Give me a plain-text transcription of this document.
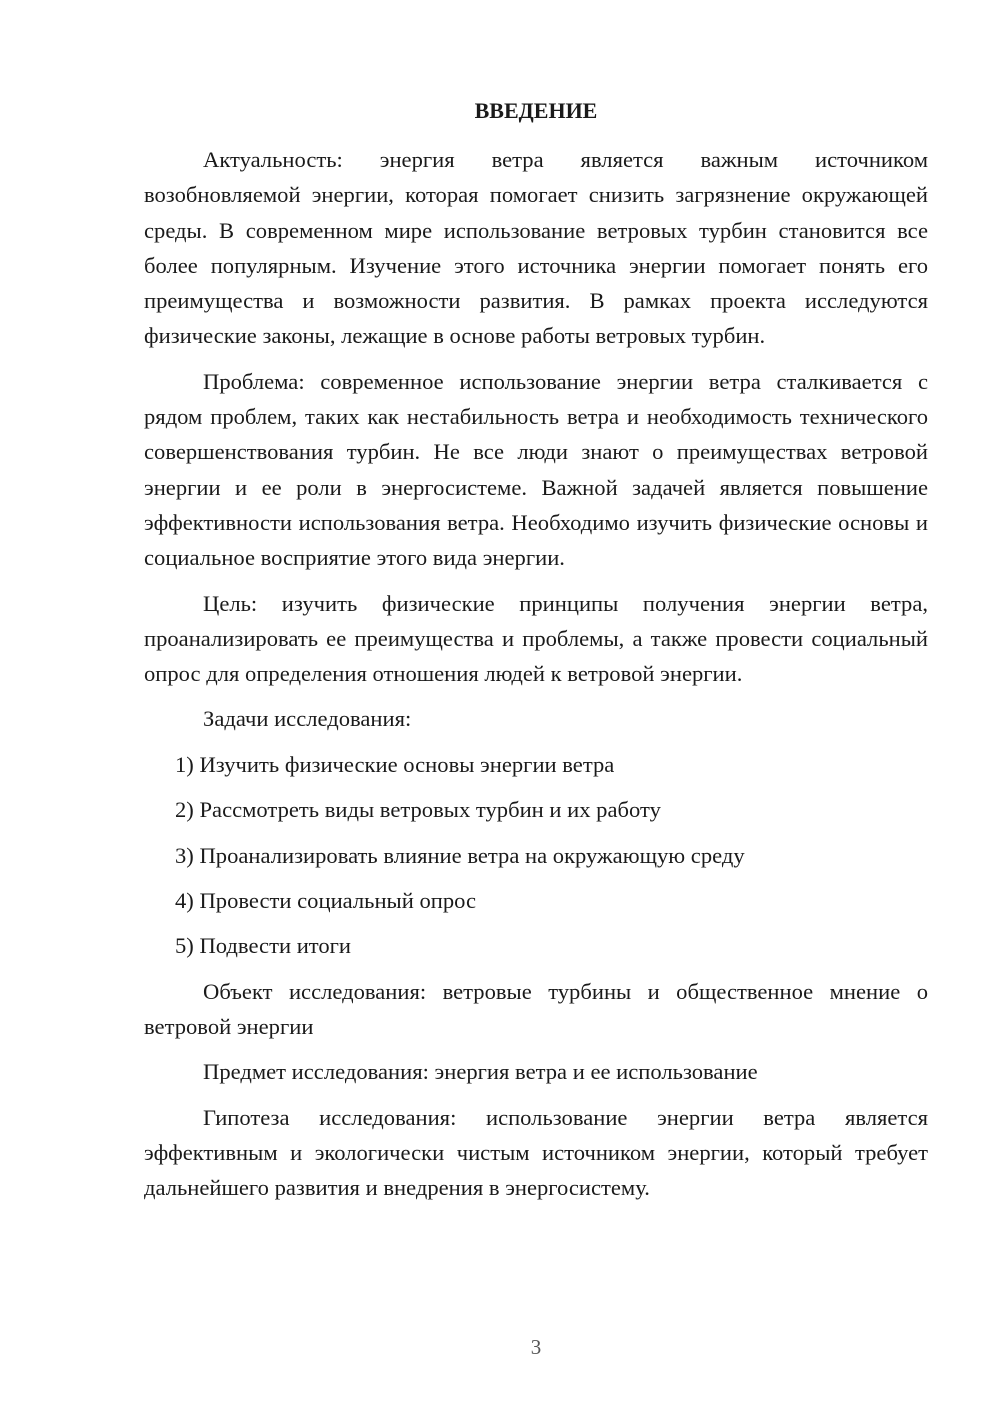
ВВЕДЕНИЕ

Актуальность: энергия ветра является важным источником возобновляемой энергии, которая помогает снизить загрязнение окружающей среды. В современном мире использование ветровых турбин становится все более популярным. Изучение этого источника энергии помогает понять его преимущества и возможности развития. В рамках проекта исследуются физические законы, лежащие в основе работы ветровых турбин.

Проблема: современное использование энергии ветра сталкивается с рядом проблем, таких как нестабильность ветра и необходимость технического совершенствования турбин. Не все люди знают о преимуществах ветровой энергии и ее роли в энергосистеме. Важной задачей является повышение эффективности использования ветра. Необходимо изучить физические основы и социальное восприятие этого вида энергии.

Цель: изучить физические принципы получения энергии ветра, проанализировать ее преимущества и проблемы, а также провести социальный опрос для определения отношения людей к ветровой энергии.

Задачи исследования:

1) Изучить физические основы энергии ветра
2) Рассмотреть виды ветровых турбин и их работу
3) Проанализировать влияние ветра на окружающую среду
4) Провести социальный опрос
5) Подвести итоги

Объект исследования: ветровые турбины и общественное мнение о ветровой энергии

Предмет исследования: энергия ветра и ее использование

Гипотеза исследования: использование энергии ветра является эффективным и экологически чистым источником энергии, который требует дальнейшего развития и внедрения в энергосистему.

3
